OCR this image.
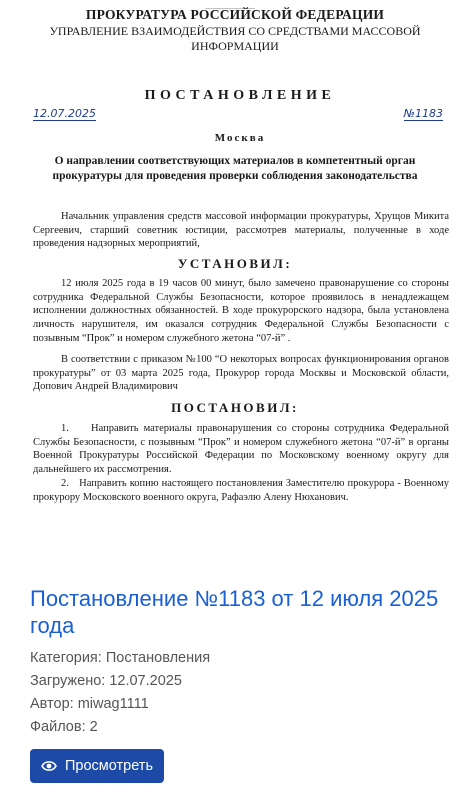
ПРОКУРАТУРА РОССИЙСКОЙ ФЕДЕРАЦИИ
УПРАВЛЕНИЕ ВЗАИМОДЕЙСТВИЯ СО СРЕДСТВАМИ МАССОВОЙ ИНФОРМАЦИИ
ПОСТАНОВЛЕНИЕ
12.07.2025	№1183
Москва
О направлении соответствующих материалов в компетентный орган прокуратуры для проведения проверки соблюдения законодательства

Начальник управления средств массовой информации прокуратуры, Хрущов Микита Сергеевич, старший советник юстиции, рассмотрев материалы, полученные в ходе проведения надзорных мероприятий,

УСТАНОВИЛ:

12 июля 2025 года в 19 часов 00 минут, было замечено правонарушение со стороны сотрудника Федеральной Службы Безопасности, которое проявилось в ненадлежащем исполнении должностных обязанностей. В ходе прокурорского надзора, была установлена личность нарушителя, им оказался сотрудник Федеральной Службы Безопасности с позывным “Прок” и номером служебного жетона “07-й” .

В соответствии с приказом №100 “О некоторых вопросах функционирования органов прокуратуры” от 03 марта 2025 года, Прокурор города Москвы и Московской области, Допович Андрей Владимирович

ПОСТАНОВИЛ:
1. Направить материалы правонарушения со стороны сотрудника Федеральной Службы Безопасности, с позывным “Прок” и номером служебного жетона “07-й” в органы Военной Прокуратуры Российской Федерации по Московскому военному округу для дальнейшего их рассмотрения.
2. Направить копию настоящего постановления Заместителю прокурора - Военному прокурору Московского военного округа, Рафаэлю Алену Нюханович.
Постановление №1183 от 12 июля 2025 года
Категория: Постановления
Загружено: 12.07.2025
Автор: miwag1111
Файлов: 2
Просмотреть
